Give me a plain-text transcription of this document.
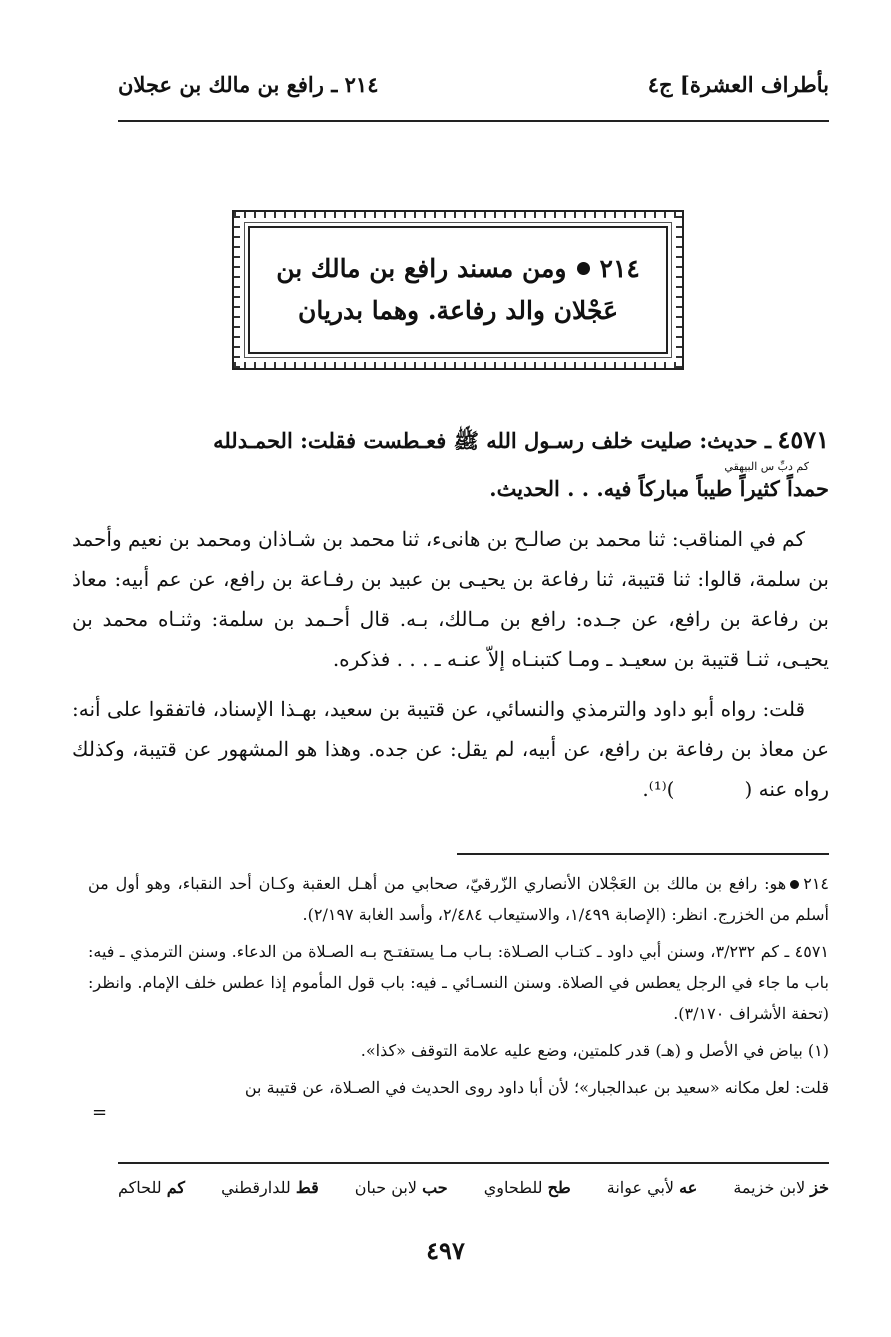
بأطراف العشرة] ج٤
٢١٤ ـ رافع بن مالك بن عجلان
٢١٤
ومن مسند رافع بن مالك بن
عَجْلان والد رفاعة. وهما بدريان

٤٥٧١ ـ حديث: صليت خلف رسـول الله ﷺ فعـطست فقلت: الحمـدلله
كم دبِّ س البيهقي
حمداً كثيراً طيباً مباركاً فيه. . . الحديث.

كم في المناقب: ثنا محمد بن صالـح بن هانىء، ثنا محمد بن شـاذان ومحمد بن نعيم وأحمد بن سلمة، قالوا: ثنا قتيبة، ثنا رفاعة بن يحيـى بن عبيد بن رفـاعة بن رافع، عن عم أبيه: معاذ بن رفاعة بن رافع، عن جـده: رافع بن مـالك، بـه. قال أحـمد بن سلمة: وثنـاه محمد بن يحيـى، ثنـا قتيبة بن سعيـد ـ ومـا كتبنـاه إلاّ عنـه ـ . . . فذكره.

قلت: رواه أبو داود والترمذي والنسائي، عن قتيبة بن سعيد، بهـذا الإسناد، فاتفقوا على أنه: عن معاذ بن رفاعة بن رافع، عن أبيه، لم يقل: عن جده. وهذا هو المشهور عن قتيبة، وكذلك رواه عنه ()⁽¹⁾.

٢١٤هو: رافع بن مالك بن العَجْلان الأنصاري الزّرقيّ، صحابي من أهـل العقبة وكـان أحد النقباء، وهو أول من أسلم من الخزرج. انظر: (الإصابة ١/٤٩٩، والاستيعاب ٢/٤٨٤، وأسد الغابة ٢/١٩٧).

٤٥٧١ ـ كم ٣/٢٣٢، وسنن أبي داود ـ كتـاب الصـلاة: بـاب مـا يستفتـح بـه الصـلاة من الدعاء. وسنن الترمذي ـ فيه: باب ما جاء في الرجل يعطس في الصلاة. وسنن النسـائي ـ فيه: باب قول المأموم إذا عطس خلف الإمام. وانظر: (تحفة الأشراف ٣/١٧٠).

(١) بياض في الأصل و (هـ) قدر كلمتين، وضع عليه علامة التوقف «كذا».

قلت: لعل مكانه «سعيد بن عبدالجبار»؛ لأن أبا داود روى الحديث في الصـلاة، عن قتيبة بن

=
خز لابن خزيمة
عه لأبي عوانة
طح للطحاوي
حب لابن حبان
قط للدارقطني
كم للحاكم
٤٩٧
